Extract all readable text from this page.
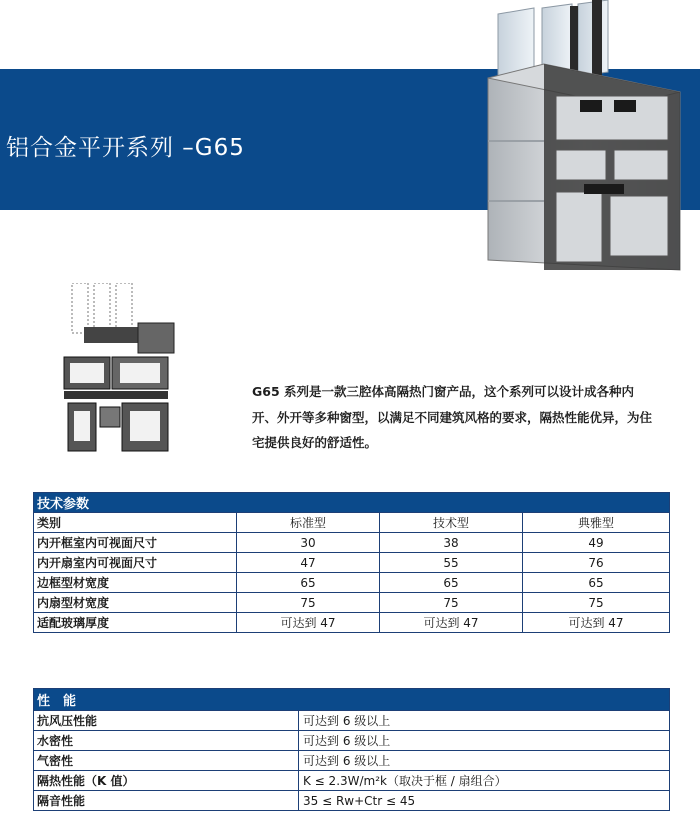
铝合金平开系列 –G65
G65 系列是一款三腔体高隔热门窗产品，这个系列可以设计成各种内开、外开等多种窗型，以满足不同建筑风格的要求，隔热性能优异，为住宅提供良好的舒适性。
技术参数			
类别	标准型	技术型	典雅型
内开框室内可视面尺寸	30	38	49
内开扇室内可视面尺寸	47	55	76
边框型材宽度	65	65	65
内扇型材宽度	75	75	75
适配玻璃厚度	可达到 47	可达到 47	可达到 47
性　能	
抗风压性能	可达到 6 级以上
水密性	可达到 6 级以上
气密性	可达到 6 级以上
隔热性能（K 值）	K ≤ 2.3W/m²k（取决于框 / 扇组合）
隔音性能	35 ≤ Rw+Ctr ≤ 45
